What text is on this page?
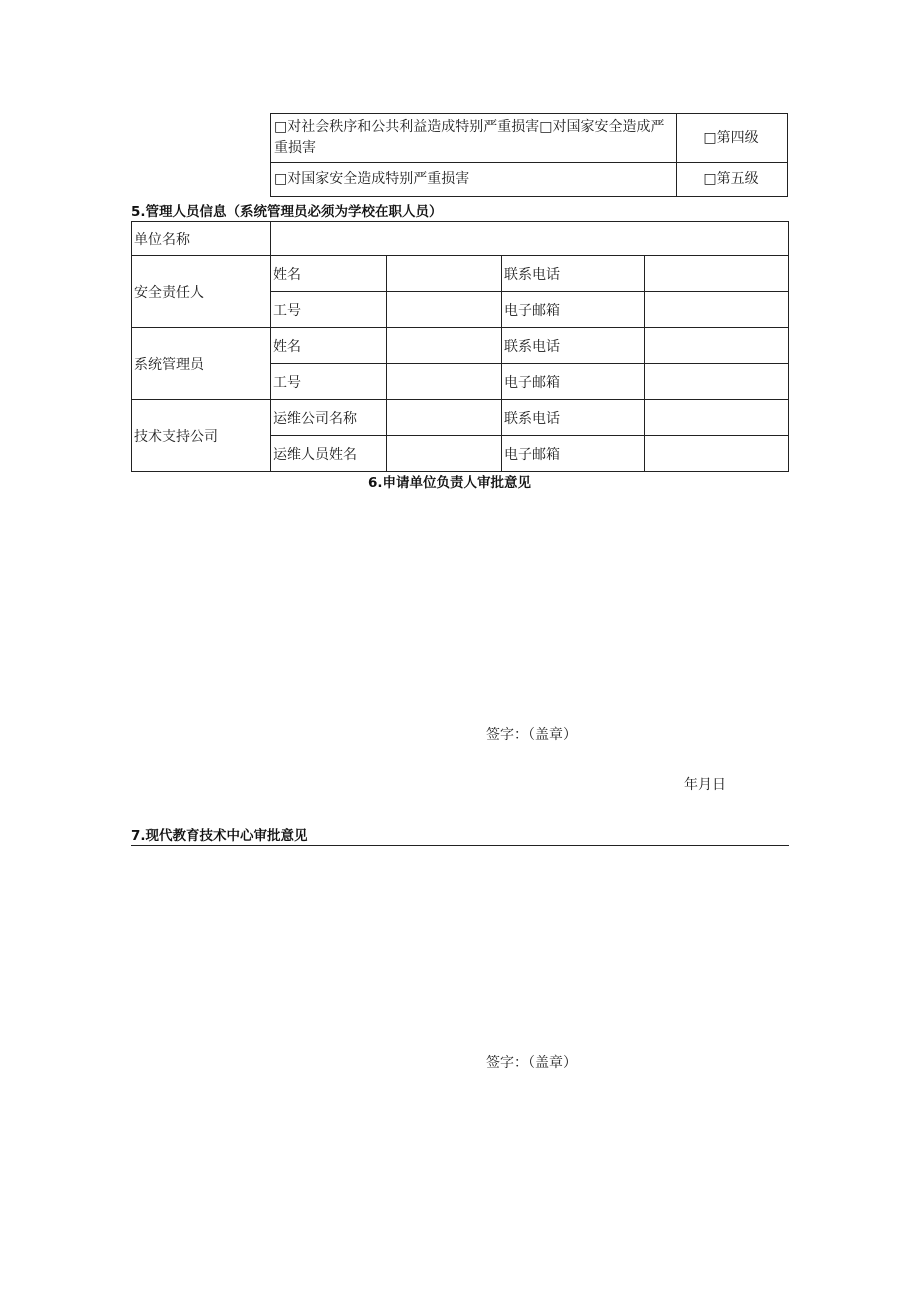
□对社会秩序和公共利益造成特别严重损害□对国家安全造成严重损害	□第四级
□对国家安全造成特别严重损害	□第五级
5.管理人员信息（系统管理员必须为学校在职人员）
单位名称				
安全责任人	姓名		联系电话	
	工号		电子邮箱	
系统管理员	姓名		联系电话	
	工号		电子邮箱	
技术支持公司	运维公司名称		联系电话	
	运维人员姓名		电子邮箱	
6.申请单位负责人审批意见
签字：（盖章）
年月日
7.现代教育技术中心审批意见
签字：（盖章）
